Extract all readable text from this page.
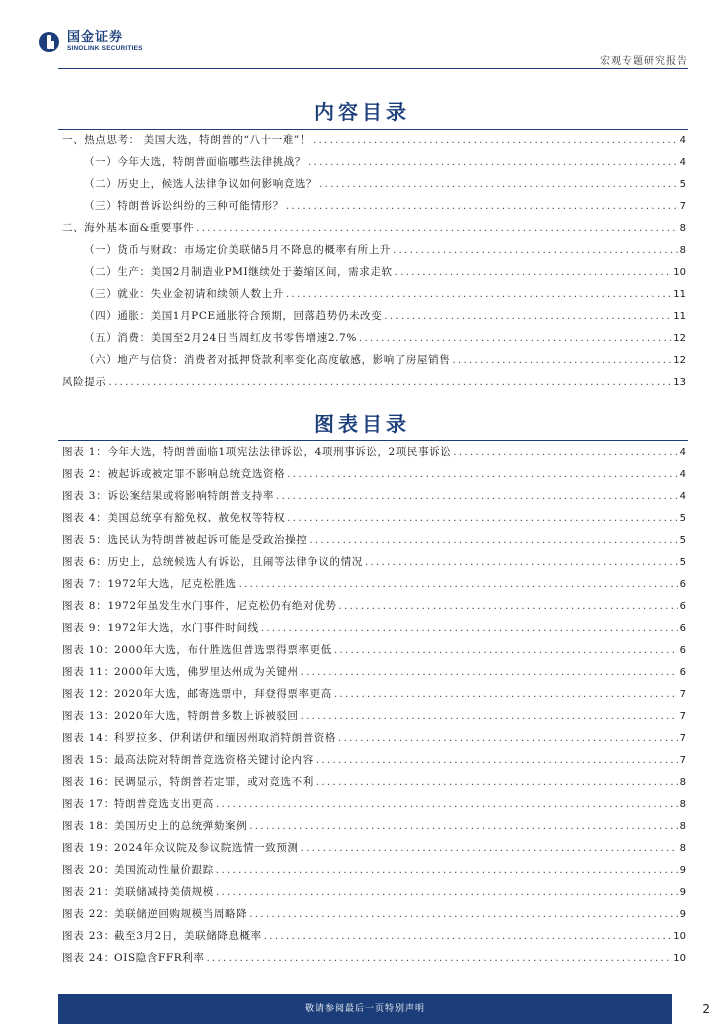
国金证券
SINOLINK SECURITIES
宏观专题研究报告
内容目录
一、热点思考： 美国大选，特朗普的“八十一难”！ .....	4
（一）今年大选，特朗普面临哪些法律挑战？ .....	4
（二）历史上，候选人法律争议如何影响竞选？ .....	5
（三）特朗普诉讼纠纷的三种可能情形？ .....	7
二、海外基本面&重要事件 .....	8
（一）货币与财政：市场定价美联储5月不降息的概率有所上升 .....	8
（二）生产：美国2月制造业PMI继续处于萎缩区间，需求走软 .....	10
（三）就业：失业金初请和续领人数上升 .....	11
（四）通胀：美国1月PCE通胀符合预期，回落趋势仍未改变 .....	11
（五）消费：美国至2月24日当周红皮书零售增速2.7% .....	12
（六）地产与信贷：消费者对抵押贷款利率变化高度敏感，影响了房屋销售 .....	12
风险提示 .....	13
图表目录
图表 1： 今年大选，特朗普面临1项宪法法律诉讼，4项刑事诉讼，2项民事诉讼 .....	4
图表 2： 被起诉或被定罪不影响总统竞选资格 .....	4
图表 3： 诉讼案结果或将影响特朗普支持率 .....	4
图表 4： 美国总统享有豁免权、赦免权等特权 .....	5
图表 5： 选民认为特朗普被起诉可能是受政治操控 .....	5
图表 6： 历史上，总统候选人有诉讼，且闹等法律争议的情况 .....	5
图表 7： 1972年大选，尼克松胜选 .....	6
图表 8： 1972年虽发生水门事件，尼克松仍有绝对优势 .....	6
图表 9： 1972年大选，水门事件时间线 .....	6
图表 10： 2000年大选，布什胜选但普选票得票率更低 .....	6
图表 11： 2000年大选，佛罗里达州成为关键州 .....	6
图表 12： 2020年大选，邮寄选票中，拜登得票率更高 .....	7
图表 13： 2020年大选，特朗普多数上诉被驳回 .....	7
图表 14： 科罗拉多、伊利诺伊和缅因州取消特朗普资格 .....	7
图表 15： 最高法院对特朗普竞选资格关键讨论内容 .....	7
图表 16： 民调显示，特朗普若定罪，或对竞选不利 .....	8
图表 17： 特朗普竞选支出更高 .....	8
图表 18： 美国历史上的总统弹劾案例 .....	8
图表 19： 2024年众议院及参议院选情一致预测 .....	8
图表 20： 美国流动性量价跟踪 .....	9
图表 21： 美联储减持美债规模 .....	9
图表 22： 美联储逆回购规模当周略降 .....	9
图表 23： 截至3月2日，美联储降息概率 .....	10
图表 24： OIS隐含FFR利率 .....	10
敬请参阅最后一页特别声明	2
